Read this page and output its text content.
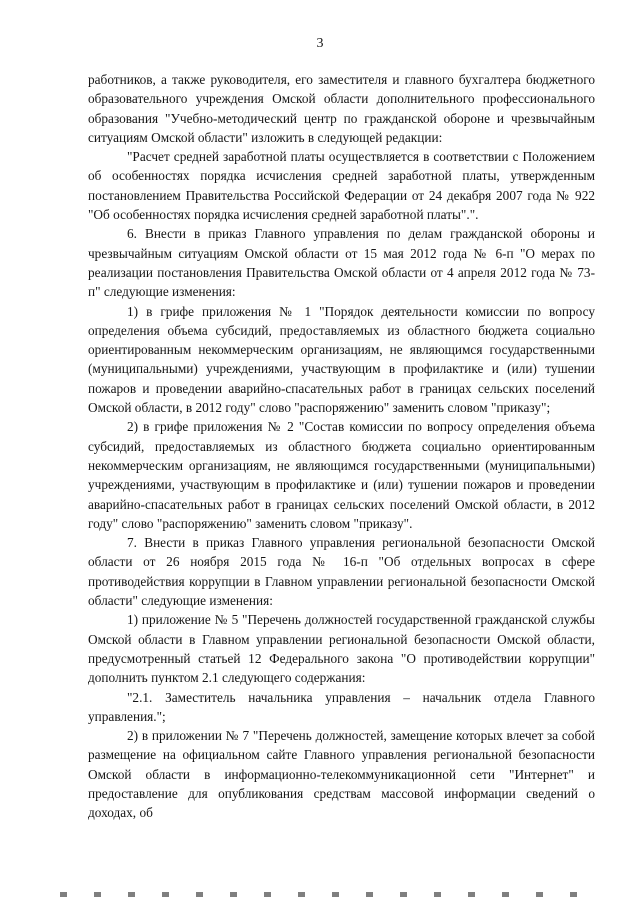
3

работников, а также руководителя, его заместителя и главного бухгалтера бюджетного образовательного учреждения Омской области дополнительного профессионального образования "Учебно-методический центр по гражданской обороне и чрезвычайным ситуациям Омской области" изложить в следующей редакции:

"Расчет средней заработной платы осуществляется в соответствии с Положением об особенностях порядка исчисления средней заработной платы, утвержденным постановлением Правительства Российской Федерации от 24 декабря 2007 года № 922 "Об особенностях порядка исчисления средней заработной платы".".

6. Внести в приказ Главного управления по делам гражданской обороны и чрезвычайным ситуациям Омской области от 15 мая 2012 года № 6-п "О мерах по реализации постановления Правительства Омской области от 4 апреля 2012 года № 73-п" следующие изменения:

1) в грифе приложения № 1 "Порядок деятельности комиссии по вопросу определения объема субсидий, предоставляемых из областного бюджета социально ориентированным некоммерческим организациям, не являющимся государственными (муниципальными) учреждениями, участвующим в профилактике и (или) тушении пожаров и проведении аварийно-спасательных работ в границах сельских поселений Омской области, в 2012 году" слово "распоряжению" заменить словом "приказу";

2) в грифе приложения № 2 "Состав комиссии по вопросу определения объема субсидий, предоставляемых из областного бюджета социально ориентированным некоммерческим организациям, не являющимся государственными (муниципальными) учреждениями, участвующим в профилактике и (или) тушении пожаров и проведении аварийно-спасательных работ в границах сельских поселений Омской области, в 2012 году" слово "распоряжению" заменить словом "приказу".

7. Внести в приказ Главного управления региональной безопасности Омской области от 26 ноября 2015 года № 16-п "Об отдельных вопросах в сфере противодействия коррупции в Главном управлении региональной безопасности Омской области" следующие изменения:

1) приложение № 5 "Перечень должностей государственной гражданской службы Омской области в Главном управлении региональной безопасности Омской области, предусмотренный статьей 12 Федерального закона "О противодействии коррупции" дополнить пунктом 2.1 следующего содержания:

"2.1. Заместитель начальника управления – начальник отдела Главного управления.";

2) в приложении № 7 "Перечень должностей, замещение которых влечет за собой размещение на официальном сайте Главного управления региональной безопасности Омской области в информационно-телекоммуникационной сети "Интернет" и предоставление для опубликования средствам массовой информации сведений о доходах, об
